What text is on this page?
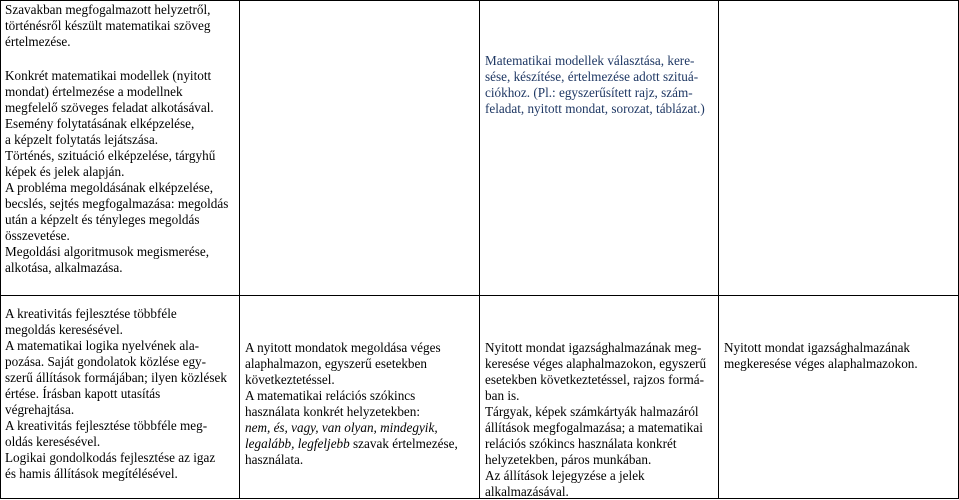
Szavakban megfogalmazott helyzetről,

történésről készült matematikai szöveg

értelmezése.

Konkrét matematikai modellek (nyitott

mondat) értelmezése a modellnek

megfelelő szöveges feladat alkotásával.

Esemény folytatásának elképzelése,

a képzelt folytatás lejátszása.

Történés, szituáció elképzelése, tárgyhű

képek és jelek alapján.

A probléma megoldásának elképzelése,

becslés, sejtés megfogalmazása: megoldás

után a képzelt és tényleges megoldás

összevetése.

Megoldási algoritmusok megismerése,

alkotása, alkalmazása.

Matematikai modellek választása, kere-

sése, készítése, értelmezése adott szituá-

ciókhoz. (Pl.: egyszerűsített rajz, szám-

feladat, nyitott mondat, sorozat, táblázat.)

A kreativitás fejlesztése többféle

megoldás keresésével.

A matematikai logika nyelvének ala-

pozása. Saját gondolatok közlése egy-

szerű állítások formájában; ilyen közlések

értése. Írásban kapott utasítás

végrehajtása.

A kreativitás fejlesztése többféle meg-

oldás keresésével.

Logikai gondolkodás fejlesztése az igaz

és hamis állítások megítélésével.

A nyitott mondatok megoldása véges

alaphalmazon, egyszerű esetekben

következtetéssel.

A matematikai relációs szókincs

használata konkrét helyzetekben:

nem, és, vagy, van olyan, mindegyik,

legalább, legfeljebb szavak értelmezése,

használata.

Nyitott mondat igazsághalmazának meg-

keresése véges alaphalmazokon, egyszerű

esetekben következtetéssel, rajzos formá-

ban is.

Tárgyak, képek számkártyák halmazáról

állítások megfogalmazása; a matematikai

relációs szókincs használata konkrét

helyzetekben, páros munkában.

Az állítások lejegyzése a jelek

alkalmazásával.

Nyitott mondat igazsághalmazának

megkeresése véges alaphalmazokon.
